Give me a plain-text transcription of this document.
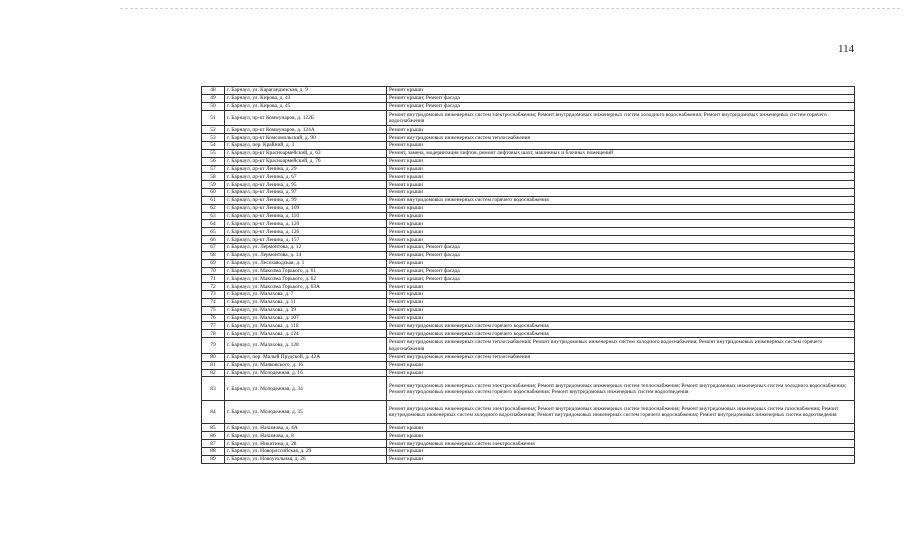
114
48	г. Барнаул, ул. Карагандинская, д. 9	Ремонт крыши
49	г. Барнаул, ул. Кирова, д. 43	Ремонт крыши; Ремонт фасада
50	г. Барнаул, ул. Кирова, д. 45	Ремонт крыши; Ремонт фасада
51	г. Барнаул, пр-кт Коммунаров, д. 122Б	Ремонт внутридомовых инженерных систем электроснабжения; Ремонт внутридомовых инженерных систем холодного водоснабжения; Ремонт внутридомовых инженерных систем горячего водоснабжения
52	г. Барнаул, пр-кт Коммунаров, д. 124А	Ремонт крыши
53	г. Барнаул, пр-кт Комсомольский, д. 90	Ремонт внутридомовых инженерных систем теплоснабжения
54	г. Барнаул, пер. Крайний, д. 3	Ремонт крыши
55	г. Барнаул, пр-кт Красноармейский, д. 63	Ремонт, замена, модернизация лифтов, ремонт лифтовых шахт, машинных и блочных помещений
56	г. Барнаул, пр-кт Красноармейский, д. 76	Ремонт крыши
57	г. Барнаул, пр-кт Ленина, д. 29	Ремонт крыши
58	г. Барнаул, пр-кт Ленина, д. 67	Ремонт крыши
59	г. Барнаул, пр-кт Ленина, д. 95	Ремонт крыши
60	г. Барнаул, пр-кт Ленина, д. 97	Ремонт крыши
61	г. Барнаул, пр-кт Ленина, д. 99	Ремонт внутридомовых инженерных систем горячего водоснабжения
62	г. Барнаул, пр-кт Ленина, д. 109	Ремонт крыши
63	г. Барнаул, пр-кт Ленина, д. 110	Ремонт крыши
64	г. Барнаул, пр-кт Ленина, д. 120	Ремонт крыши
65	г. Барнаул, пр-кт Ленина, д. 126	Ремонт крыши
66	г. Барнаул, пр-кт Ленина, д. 157	Ремонт крыши
67	г. Барнаул, ул. Лермонтова, д. 12	Ремонт крыши; Ремонт фасада
68	г. Барнаул, ул. Лермонтова, д. 14	Ремонт крыши; Ремонт фасада
69	г. Барнаул, ул. Лесозаводская, д. 1	Ремонт крыши
70	г. Барнаул, ул. Максима Горького, д. 61	Ремонт крыши; Ремонт фасада
71	г. Барнаул, ул. Максима Горького, д. 62	Ремонт крыши; Ремонт фасада
72	г. Барнаул, ул. Максима Горького, д. 63А	Ремонт крыши
73	г. Барнаул, ул. Малахова, д. 7	Ремонт крыши
74	г. Барнаул, ул. Малахова, д. 11	Ремонт крыши
75	г. Барнаул, ул. Малахова, д. 39	Ремонт крыши
76	г. Барнаул, ул. Малахова, д. 107	Ремонт крыши
77	г. Барнаул, ул. Малахова, д. 118	Ремонт внутридомовых инженерных систем горячего водоснабжения
78	г. Барнаул, ул. Малахова, д. 124	Ремонт внутридомовых инженерных систем горячего водоснабжения
79	г. Барнаул, ул. Малахова, д. 128	Ремонт внутридомовых инженерных систем теплоснабжения; Ремонт внутридомовых инженерных систем холодного водоснабжения; Ремонт внутридомовых инженерных систем горячего водоснабжения
80	г. Барнаул, пер. Малый Прудской, д. 42А	Ремонт внутридомовых инженерных систем теплоснабжения
81	г. Барнаул, ул. Маяковского, д. 16	Ремонт крыши
82	г. Барнаул, ул. Молодежная, д. 16	Ремонт крыши
83	г. Барнаул, ул. Молодежная, д. 34	Ремонт внутридомовых инженерных систем электроснабжения; Ремонт внутридомовых инженерных систем теплоснабжения; Ремонт внутридомовых инженерных систем холодного водоснабжения; Ремонт внутридомовых инженерных систем горячего водоснабжения; Ремонт внутридомовых инженерных систем водоотведения
84	г. Барнаул, ул. Молодежная, д. 35	Ремонт внутридомовых инженерных систем электроснабжения; Ремонт внутридомовых инженерных систем теплоснабжения; Ремонт внутридомовых инженерных систем газоснабжения; Ремонт внутридомовых инженерных систем холодного водоснабжения; Ремонт внутридомовых инженерных систем горячего водоснабжения; Ремонт внутридомовых инженерных систем водоотведения
85	г. Барнаул, ул. Нахимова, д. 4А	Ремонт крыши
86	г. Барнаул, ул. Нахимова, д. 8	Ремонт крыши
87	г. Барнаул, ул. Никитина, д. 28	Ремонт внутридомовых инженерных систем электроснабжения
88	г. Барнаул, ул. Новороссийская, д. 29	Ремонт крыши
89	г. Барнаул, ул. Новоугольная, д. 26	Ремонт крыши
